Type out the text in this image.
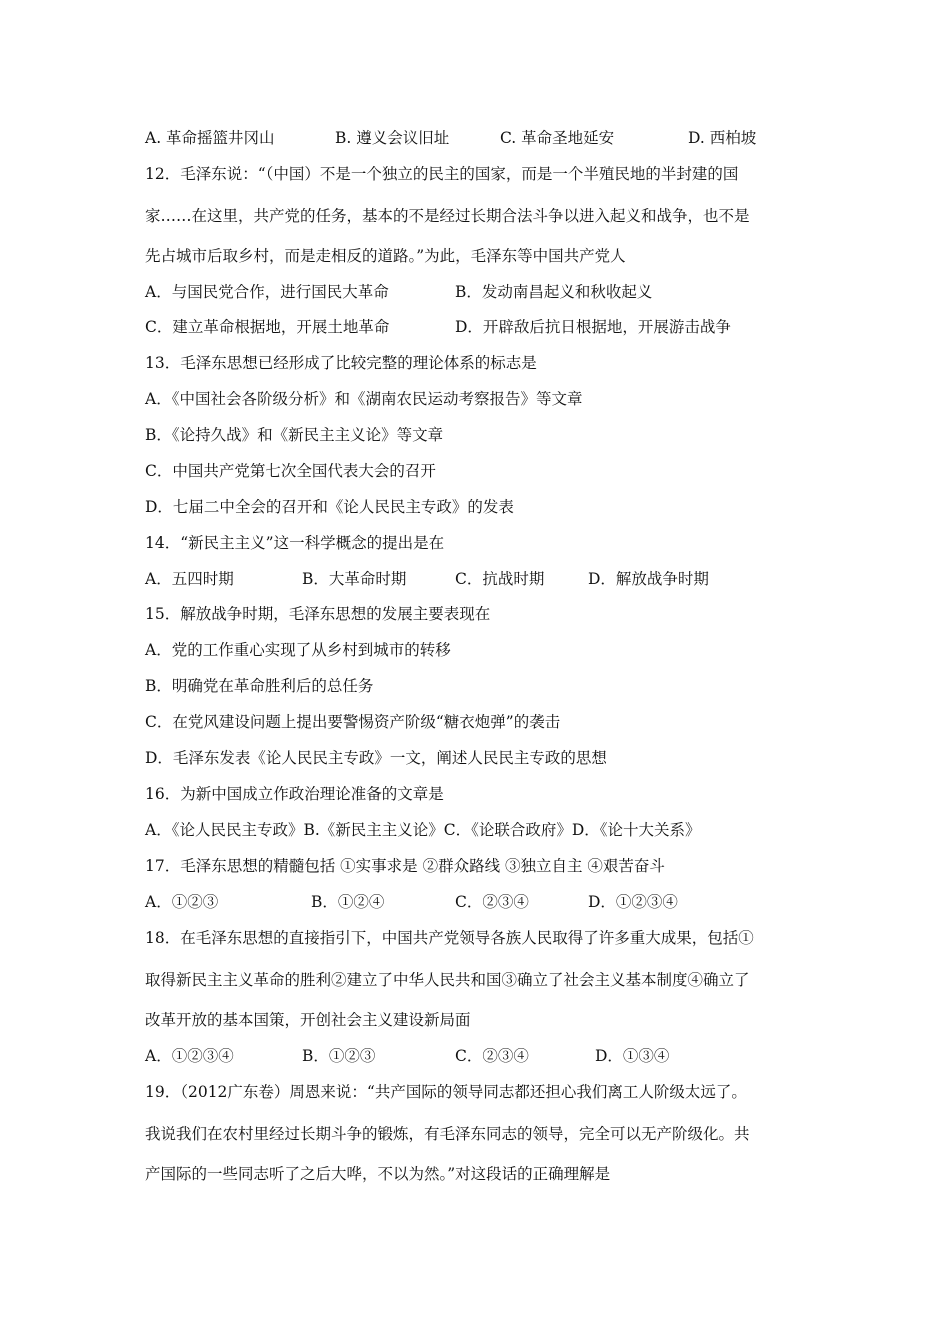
A. 革命摇篮井冈山	B. 遵义会议旧址	C. 革命圣地延安	D. 西柏坡
12．毛泽东说：“（中国）不是一个独立的民主的国家，而是一个半殖民地的半封建的国
家……在这里，共产党的任务，基本的不是经过长期合法斗争以进入起义和战争，也不是
先占城市后取乡村，而是走相反的道路。”为此，毛泽东等中国共产党人
A．与国民党合作，进行国民大革命	B．发动南昌起义和秋收起义
C．建立革命根据地，开展土地革命	D．开辟敌后抗日根据地，开展游击战争
13．毛泽东思想已经形成了比较完整的理论体系的标志是
A．《中国社会各阶级分析》和《湖南农民运动考察报告》等文章
B．《论持久战》和《新民主主义论》等文章
C．中国共产党第七次全国代表大会的召开
D．七届二中全会的召开和《论人民民主专政》的发表
14．“新民主主义”这一科学概念的提出是在
A．五四时期	B．大革命时期	C．抗战时期	D．解放战争时期
15．解放战争时期，毛泽东思想的发展主要表现在
A．党的工作重心实现了从乡村到城市的转移
B．明确党在革命胜利后的总任务
C．在党风建设问题上提出要警惕资产阶级“糖衣炮弹”的袭击
D．毛泽东发表《论人民民主专政》一文，阐述人民民主专政的思想
16．为新中国成立作政治理论准备的文章是
A．《论人民民主专政》B.《新民主主义论》C．《论联合政府》D．《论十大关系》
17．毛泽东思想的精髓包括 ①实事求是 ②群众路线 ③独立自主 ④艰苦奋斗
A．①②③	B．①②④	C．②③④	D．①②③④
18．在毛泽东思想的直接指引下，中国共产党领导各族人民取得了许多重大成果，包括①
取得新民主主义革命的胜利②建立了中华人民共和国③确立了社会主义基本制度④确立了
改革开放的基本国策，开创社会主义建设新局面
A．①②③④	B．①②③	C．②③④	D．①③④
19．（2012广东卷）周恩来说：“共产国际的领导同志都还担心我们离工人阶级太远了。
我说我们在农村里经过长期斗争的锻炼，有毛泽东同志的领导，完全可以无产阶级化。共
产国际的一些同志听了之后大哗，不以为然。”对这段话的正确理解是
